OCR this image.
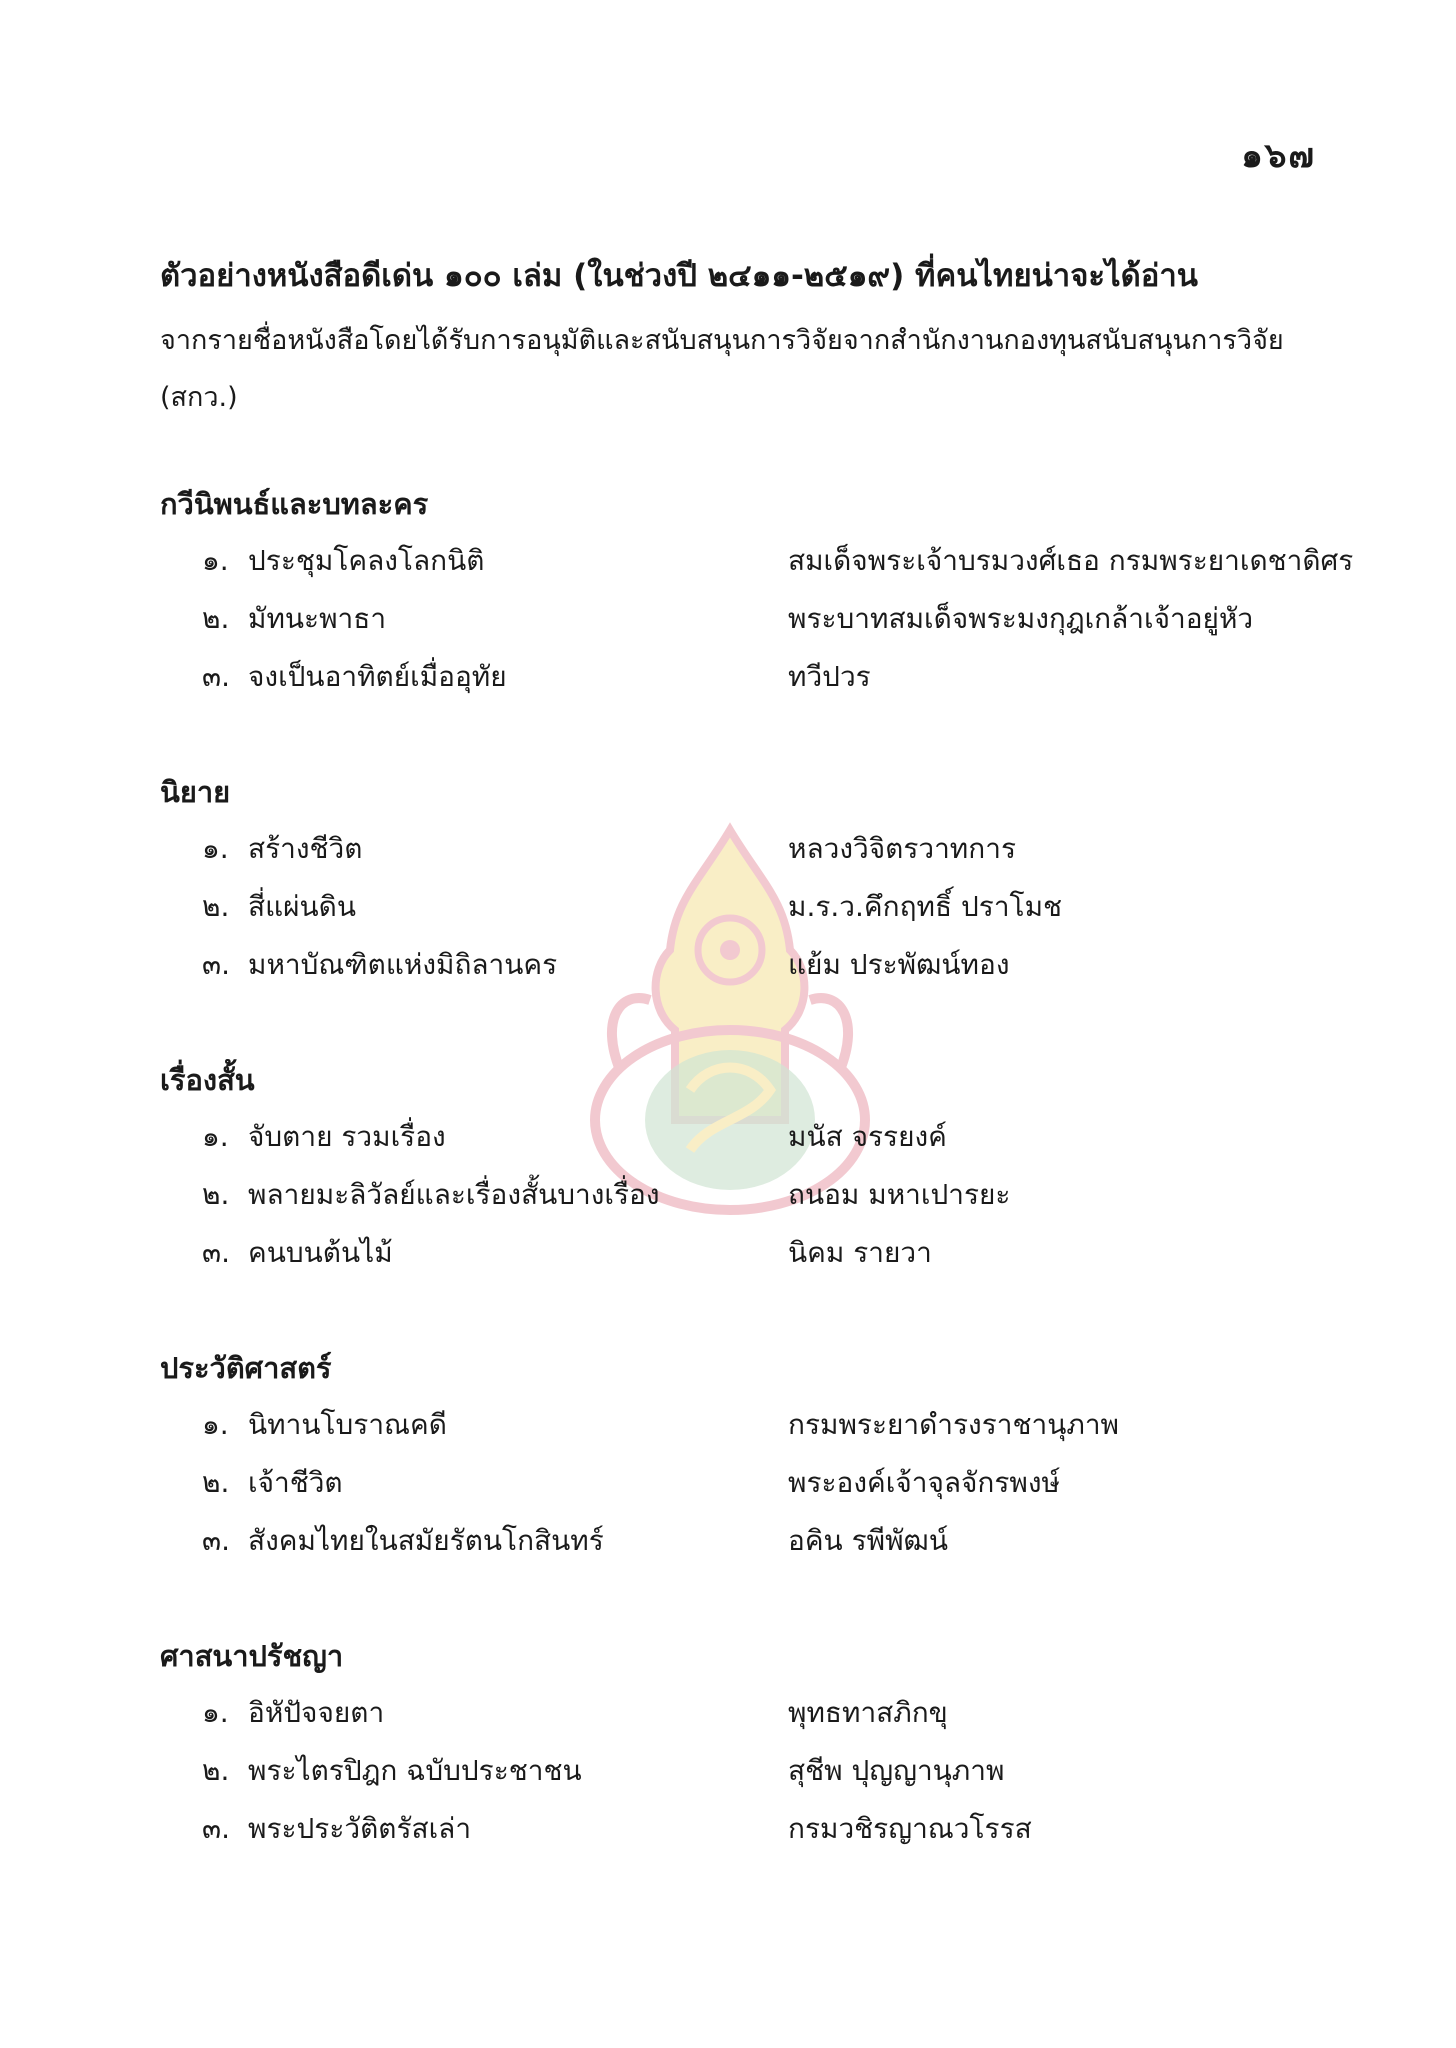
๑๖๗
ตัวอย่างหนังสือดีเด่น ๑๐๐ เล่ม (ในช่วงปี ๒๔๑๑-๒๕๑๙) ที่คนไทยน่าจะได้อ่าน
จากรายชื่อหนังสือโดยได้รับการอนุมัติและสนับสนุนการวิจัยจากสำนักงานกองทุนสนับสนุนการวิจัย (สกว.)
กวีนิพนธ์และบทละคร
๑. ประชุมโคลงโลกนิติ	สมเด็จพระเจ้าบรมวงศ์เธอ กรมพระยาเดชาดิศร
๒. มัทนะพาธา	พระบาทสมเด็จพระมงกุฎเกล้าเจ้าอยู่หัว
๓. จงเป็นอาทิตย์เมื่ออุทัย	ทวีปวร
นิยาย
๑. สร้างชีวิต	หลวงวิจิตรวาทการ
๒. สี่แผ่นดิน	ม.ร.ว.คึกฤทธิ์ ปราโมช
๓. มหาบัณฑิตแห่งมิถิลานคร	แย้ม ประพัฒน์ทอง
เรื่องสั้น
๑. จับตาย รวมเรื่อง	มนัส จรรยงค์
๒. พลายมะลิวัลย์และเรื่องสั้นบางเรื่อง	ถนอม มหาเปารยะ
๓. คนบนต้นไม้	นิคม รายวา
ประวัติศาสตร์
๑. นิทานโบราณคดี	กรมพระยาดำรงราชานุภาพ
๒. เจ้าชีวิต	พระองค์เจ้าจุลจักรพงษ์
๓. สังคมไทยในสมัยรัตนโกสินทร์	อคิน รพีพัฒน์
ศาสนาปรัชญา
๑. อิหัปัจจยตา	พุทธทาสภิกขุ
๒. พระไตรปิฎก ฉบับประชาชน	สุชีพ ปุญญานุภาพ
๓. พระประวัติตรัสเล่า	กรมวชิรญาณวโรรส
